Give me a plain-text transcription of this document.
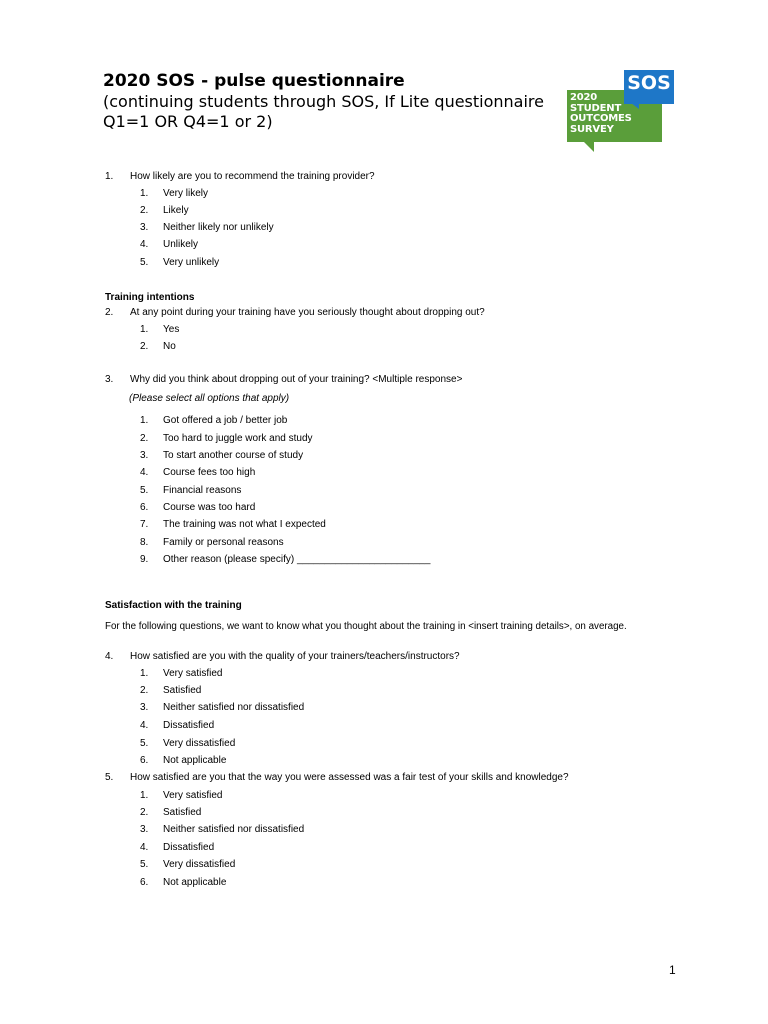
2020 SOS - pulse questionnaire
(continuing students through SOS, If Lite questionnaire Q1=1 OR Q4=1 or 2)
2020
STUDENT
OUTCOMES
SURVEY
SOS
1. How likely are you to recommend the training provider?
1. Very likely
2. Likely
3. Neither likely nor unlikely
4. Unlikely
5. Very unlikely
Training intentions
2. At any point during your training have you seriously thought about dropping out?
1. Yes
2. No
3. Why did you think about dropping out of your training? <Multiple response>
(Please select all options that apply)
1. Got offered a job / better job
2. Too hard to juggle work and study
3. To start another course of study
4. Course fees too high
5. Financial reasons
6. Course was too hard
7. The training was not what I expected
8. Family or personal reasons
9. Other reason (please specify) ________________________
Satisfaction with the training
For the following questions, we want to know what you thought about the training in <insert training details>, on average.
4. How satisfied are you with the quality of your trainers/teachers/instructors?
1. Very satisfied
2. Satisfied
3. Neither satisfied nor dissatisfied
4. Dissatisfied
5. Very dissatisfied
6. Not applicable
5. How satisfied are you that the way you were assessed was a fair test of your skills and knowledge?
1. Very satisfied
2. Satisfied
3. Neither satisfied nor dissatisfied
4. Dissatisfied
5. Very dissatisfied
6. Not applicable
1
